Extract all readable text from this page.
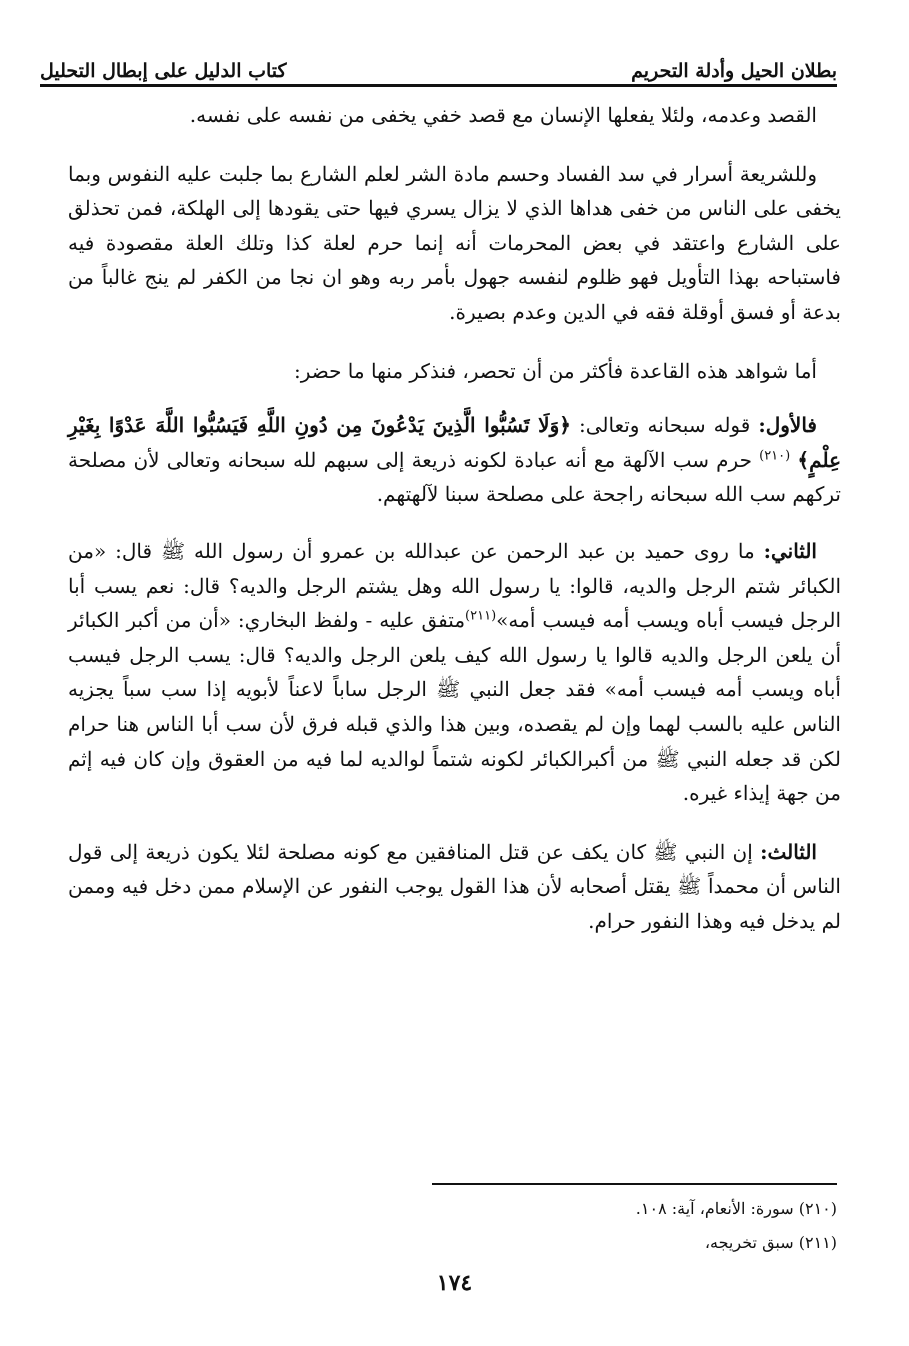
بطلان الحيل وأدلة التحريم
كتاب الدليل على إبطال التحليل

القصد وعدمه، ولئلا يفعلها الإنسان مع قصد خفي يخفى من نفسه على نفسه.

وللشريعة أسرار في سد الفساد وحسم مادة الشر لعلم الشارع بما جلبت عليه النفوس وبما يخفى على الناس من خفى هداها الذي لا يزال يسري فيها حتى يقودها إلى الهلكة، فمن تحذلق على الشارع واعتقد في بعض المحرمات أنه إنما حرم لعلة كذا وتلك العلة مقصودة فيه فاستباحه بهذا التأويل فهو ظلوم لنفسه جهول بأمر ربه وهو ان نجا من الكفر لم ينج غالباً من بدعة أو فسق أوقلة فقه في الدين وعدم بصيرة.

أما شواهد هذه القاعدة فأكثر من أن تحصر، فنذكر منها ما حضر:

فالأول: قوله سبحانه وتعالى: ﴿وَلَا تَسُبُّوا الَّذِينَ يَدْعُونَ مِن دُونِ اللَّهِ فَيَسُبُّوا اللَّهَ عَدْوًا بِغَيْرِ عِلْمٍ﴾ $^{(٢١٠)}$ حرم سب الآلهة مع أنه عبادة لكونه ذريعة إلى سبهم لله سبحانه وتعالى لأن مصلحة تركهم سب الله سبحانه راجحة على مصلحة سبنا لآلهتهم.

الثاني: ما روى حميد بن عبد الرحمن عن عبدالله بن عمرو أن رسول الله ﷺ قال: «من الكبائر شتم الرجل والديه، قالوا: يا رسول الله وهل يشتم الرجل والديه؟ قال: نعم يسب أبا الرجل فيسب أباه ويسب أمه فيسب أمه»$^{(٢١١)}$متفق عليه - ولفظ البخاري: «أن من أكبر الكبائر أن يلعن الرجل والديه قالوا يا رسول الله كيف يلعن الرجل والديه؟ قال: يسب الرجل فيسب أباه ويسب أمه فيسب أمه» فقد جعل النبي ﷺ الرجل ساباً لاعناً لأبويه إذا سب سباً يجزيه الناس عليه بالسب لهما وإن لم يقصده، وبين هذا والذي قبله فرق لأن سب أبا الناس هنا حرام لكن قد جعله النبي ﷺ من أكبرالكبائر لكونه شتماً لوالديه لما فيه من العقوق وإن كان فيه إثم من جهة إيذاء غيره.

الثالث: إن النبي ﷺ كان يكف عن قتل المنافقين مع كونه مصلحة لئلا يكون ذريعة إلى قول الناس أن محمداً ﷺ يقتل أصحابه لأن هذا القول يوجب النفور عن الإسلام ممن دخل فيه وممن لم يدخل فيه وهذا النفور حرام.

(٢١٠) سورة: الأنعام، آية: ١٠٨.
(٢١١) سبق تخريجه،
١٧٤
